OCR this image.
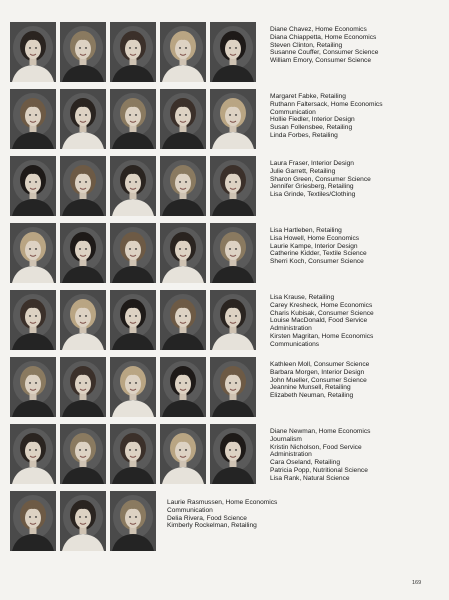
Diane Chavez, Home Economics
Diana Chiappetta, Home Economics
Steven Clinton, Retailing
Susanne Couffer, Consumer Science
William Emory, Consumer Science
Margaret Fabke, Retailing
Ruthann Faltersack, Home Economics
Communication
Hollie Fiedler, Interior Design
Susan Follensbee, Retailing
Linda Forbes, Retailing
Laura Fraser, Interior Design
Julie Garrett, Retailing
Sharon Green, Consumer Science
Jennifer Griesberg, Retailing
Lisa Grinde, Textiles/Clothing
Lisa Hartleben, Retailing
Lisa Howell, Home Economics
Laurie Kampe, Interior Design
Catherine Kidder, Textile Science
Sherri Koch, Consumer Science
Lisa Krause, Retailing
Carey Kresheck, Home Economics
Charis Kubisak, Consumer Science
Louise MacDonald, Food Service
Administration
Kirsten Magritan, Home Economics
Communications
Kathleen Moll, Consumer Science
Barbara Morgen, Interior Design
John Mueller, Consumer Science
Jeannine Munsell, Retailing
Elizabeth Neuman, Retailing
Diane Newman, Home Economics
Journalism
Kristin Nicholson, Food Service
Administration
Cara Oseland, Retailing
Patricia Popp, Nutritional Science
Lisa Rank, Natural Science
Laurie Rasmussen, Home Economics
Communication
Delia Rivera, Food Science
Kimberly Rockelman, Retailing
169
